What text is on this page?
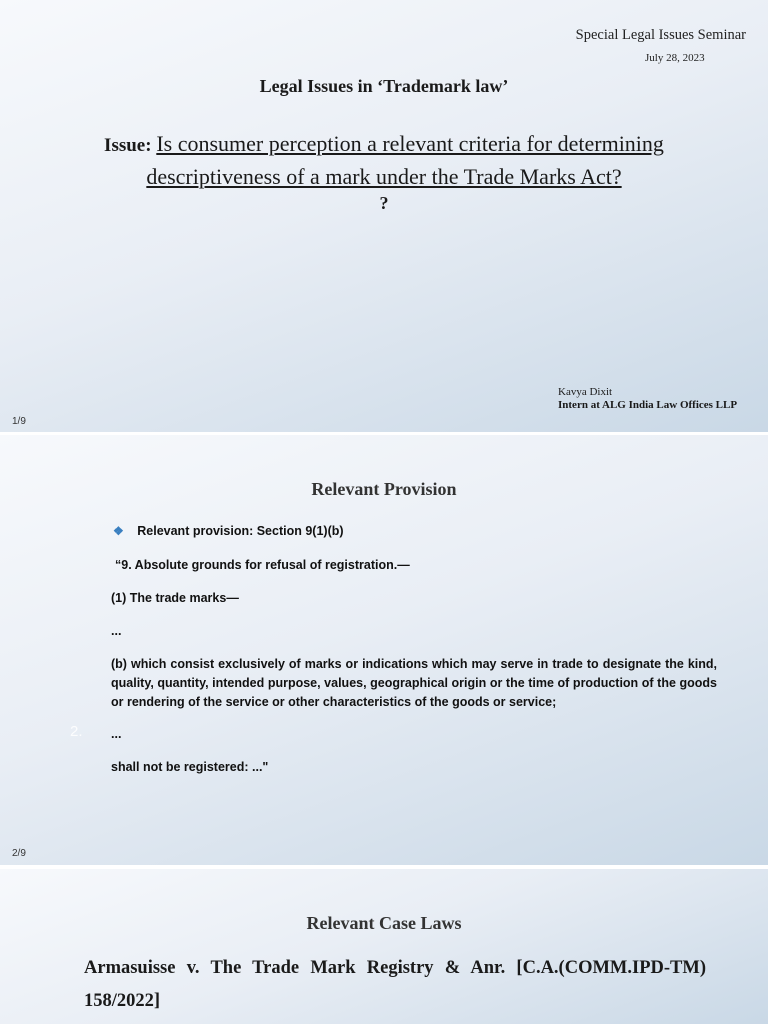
Special Legal Issues Seminar
July 28, 2023
Legal Issues in ‘Trademark law’
Issue: Is consumer perception a relevant criteria for determining descriptiveness of a mark under the Trade Marks Act?
?
Kavya Dixit
Intern at ALG India Law Offices LLP
1/9
Relevant Provision
❖ Relevant provision: Section 9(1)(b)
“9. Absolute grounds for refusal of registration.—
(1) The trade marks—
...
(b) which consist exclusively of marks or indications which may serve in trade to designate the kind, quality, quantity, intended purpose, values, geographical origin or the time of production of the goods or rendering of the service or other characteristics of the goods or service;
2. ...
shall not be registered: ..."
2/9
Relevant Case Laws
Armasuisse v. The Trade Mark Registry & Anr. [C.A.(COMM.IPD-TM) 158/2022]
